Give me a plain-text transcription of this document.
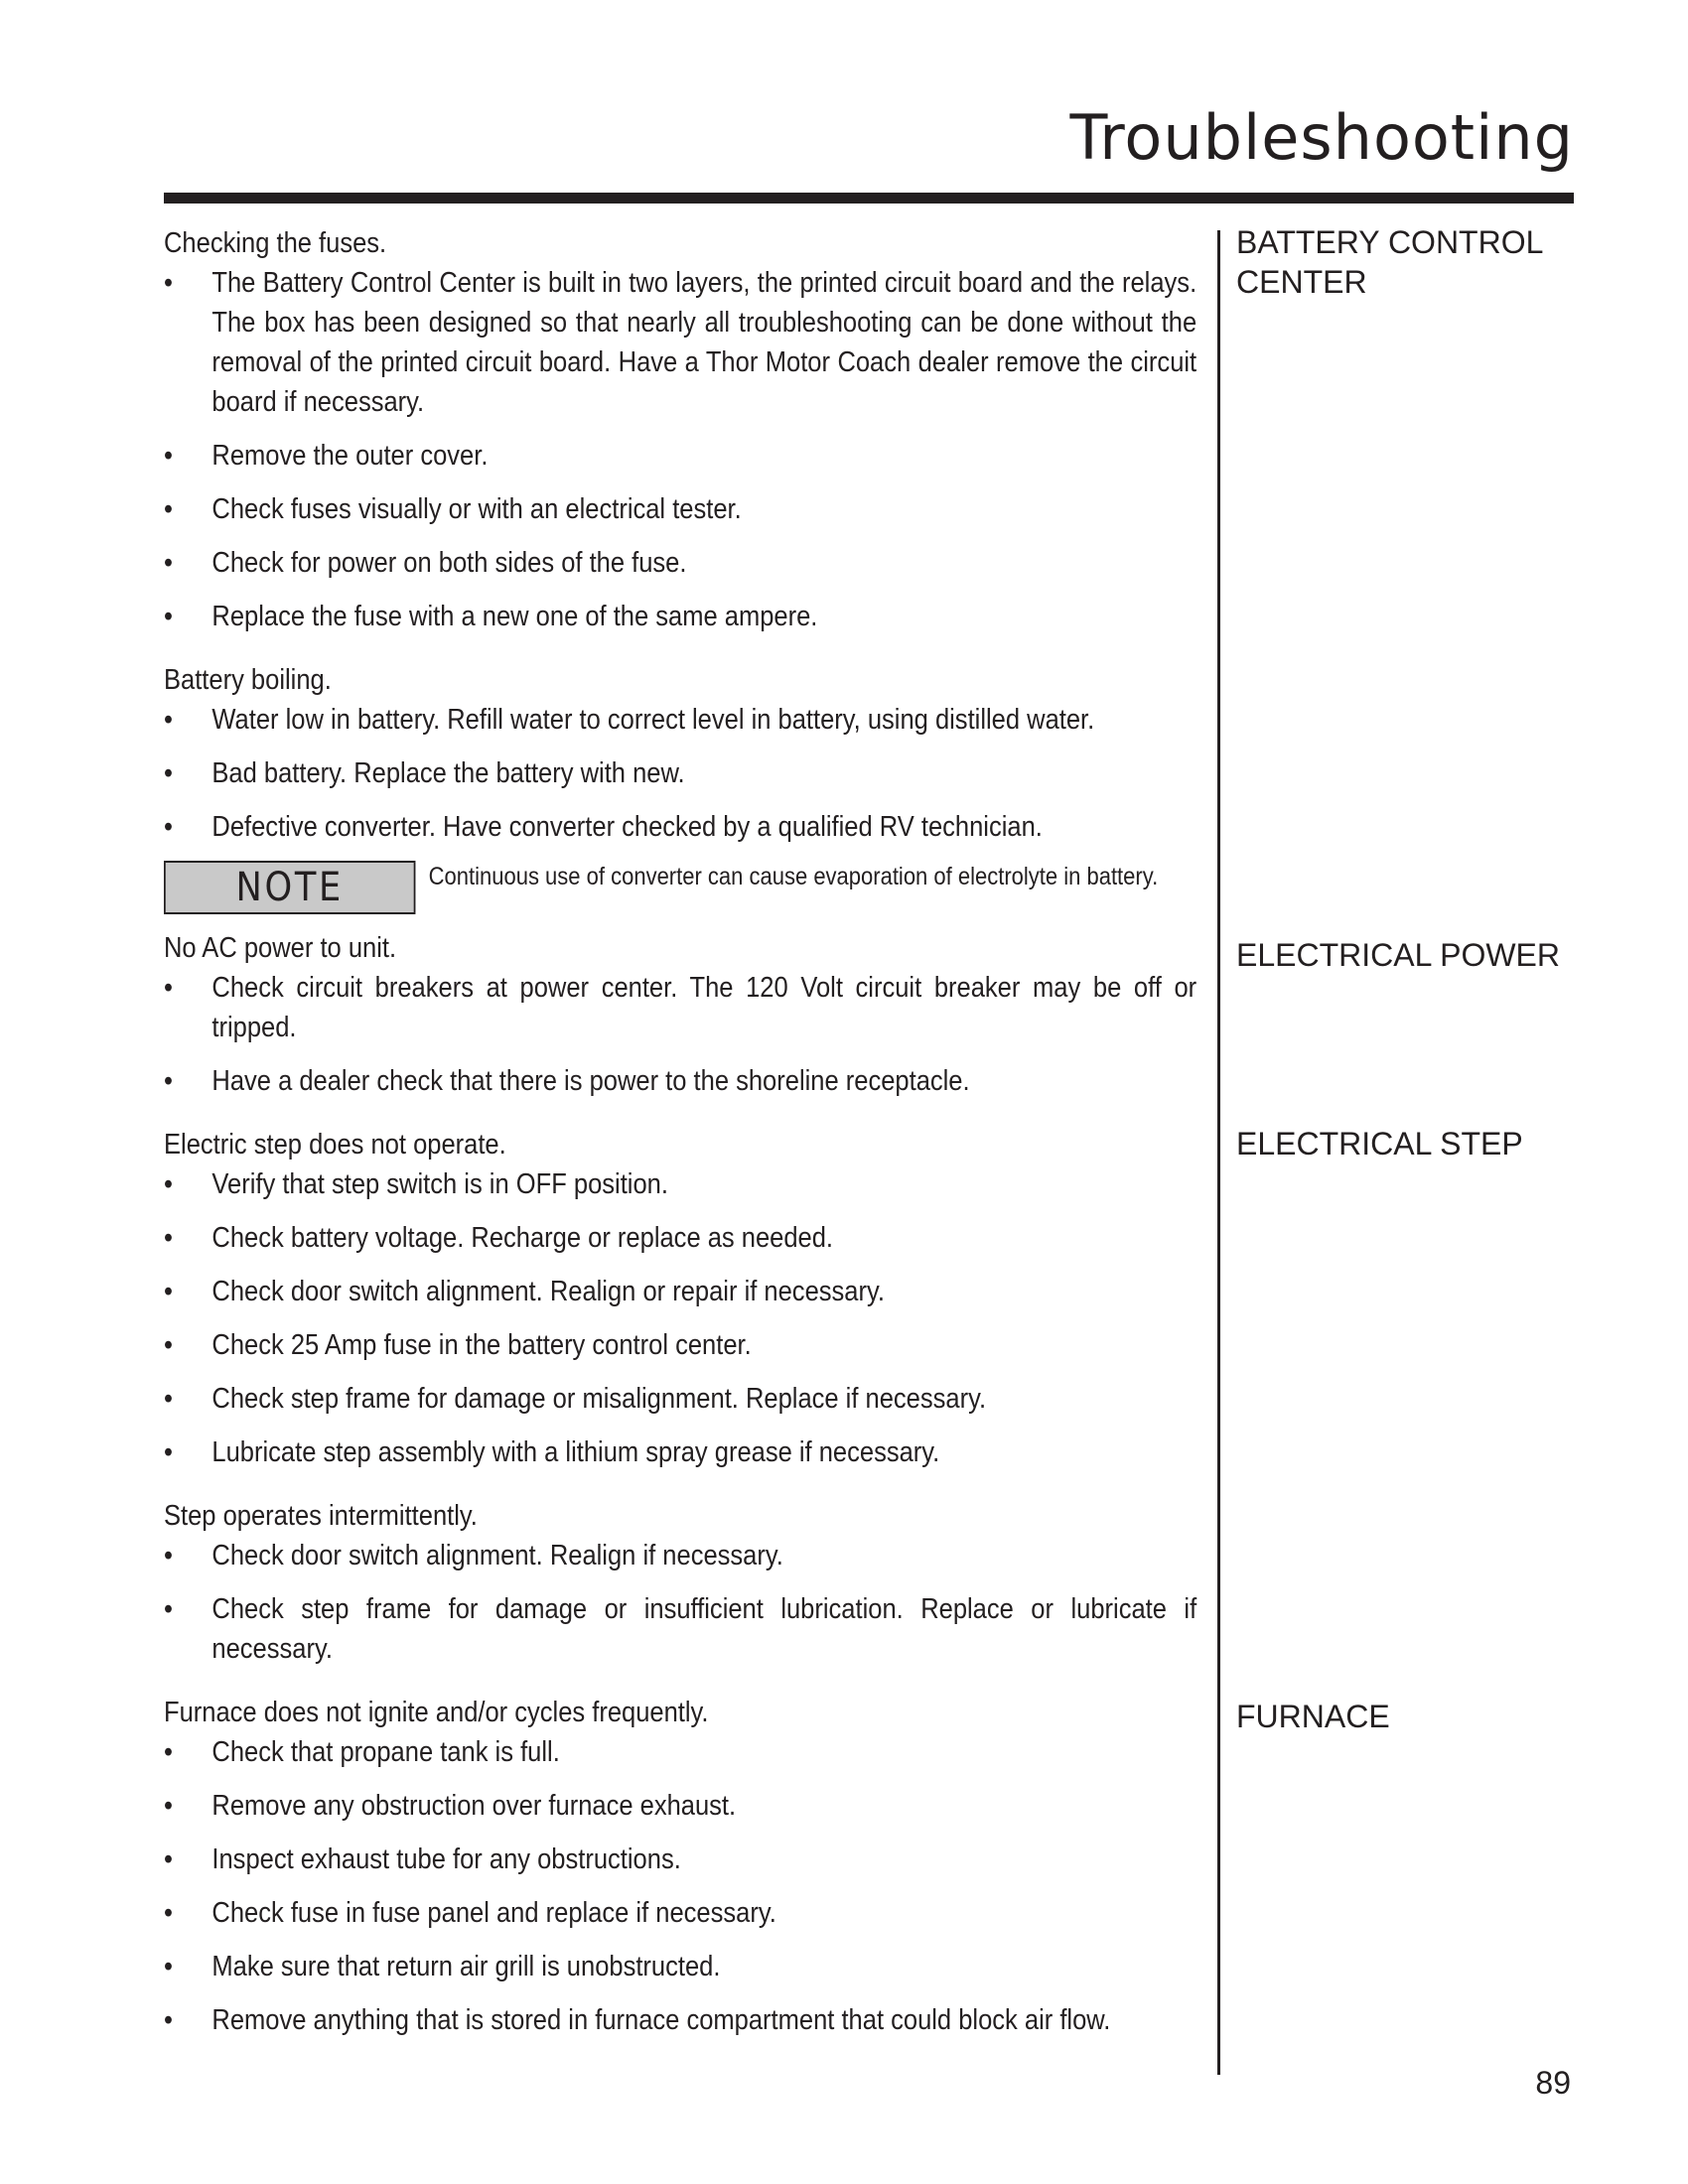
Troubleshooting

Checking the fuses.

• The Battery Control Center is built in two layers, the printed circuit board and the relays. The box has been designed so that nearly all troubleshooting can be done without the removal of the printed circuit board. Have a Thor Motor Coach dealer remove the circuit board if necessary.
• Remove the outer cover.
• Check fuses visually or with an electrical tester.
• Check for power on both sides of the fuse.
• Replace the fuse with a new one of the same ampere.

Battery boiling.

• Water low in battery. Refill water to correct level in battery, using distilled water.
• Bad battery. Replace the battery with new.
• Defective converter. Have converter checked by a qualified RV technician.
NOTE	Continuous use of converter can cause evaporation of electrolyte in battery.

No AC power to unit.

• Check circuit breakers at power center. The 120 Volt circuit breaker may be off or tripped.
• Have a dealer check that there is power to the shoreline receptacle.

Electric step does not operate.

• Verify that step switch is in OFF position.
• Check battery voltage. Recharge or replace as needed.
• Check door switch alignment. Realign or repair if necessary.
• Check 25 Amp fuse in the battery control center.
• Check step frame for damage or misalignment. Replace if necessary.
• Lubricate step assembly with a lithium spray grease if necessary.

Step operates intermittently.

• Check door switch alignment. Realign if necessary.
• Check step frame for damage or insufficient lubrication. Replace or lubricate if necessary.

Furnace does not ignite and/or cycles frequently.

• Check that propane tank is full.
• Remove any obstruction over furnace exhaust.
• Inspect exhaust tube for any obstructions.
• Check fuse in fuse panel and replace if necessary.
• Make sure that return air grill is unobstructed.
• Remove anything that is stored in furnace compartment that could block air flow.

BATTERY CONTROL
CENTER

ELECTRICAL POWER

ELECTRICAL STEP

FURNACE

89
